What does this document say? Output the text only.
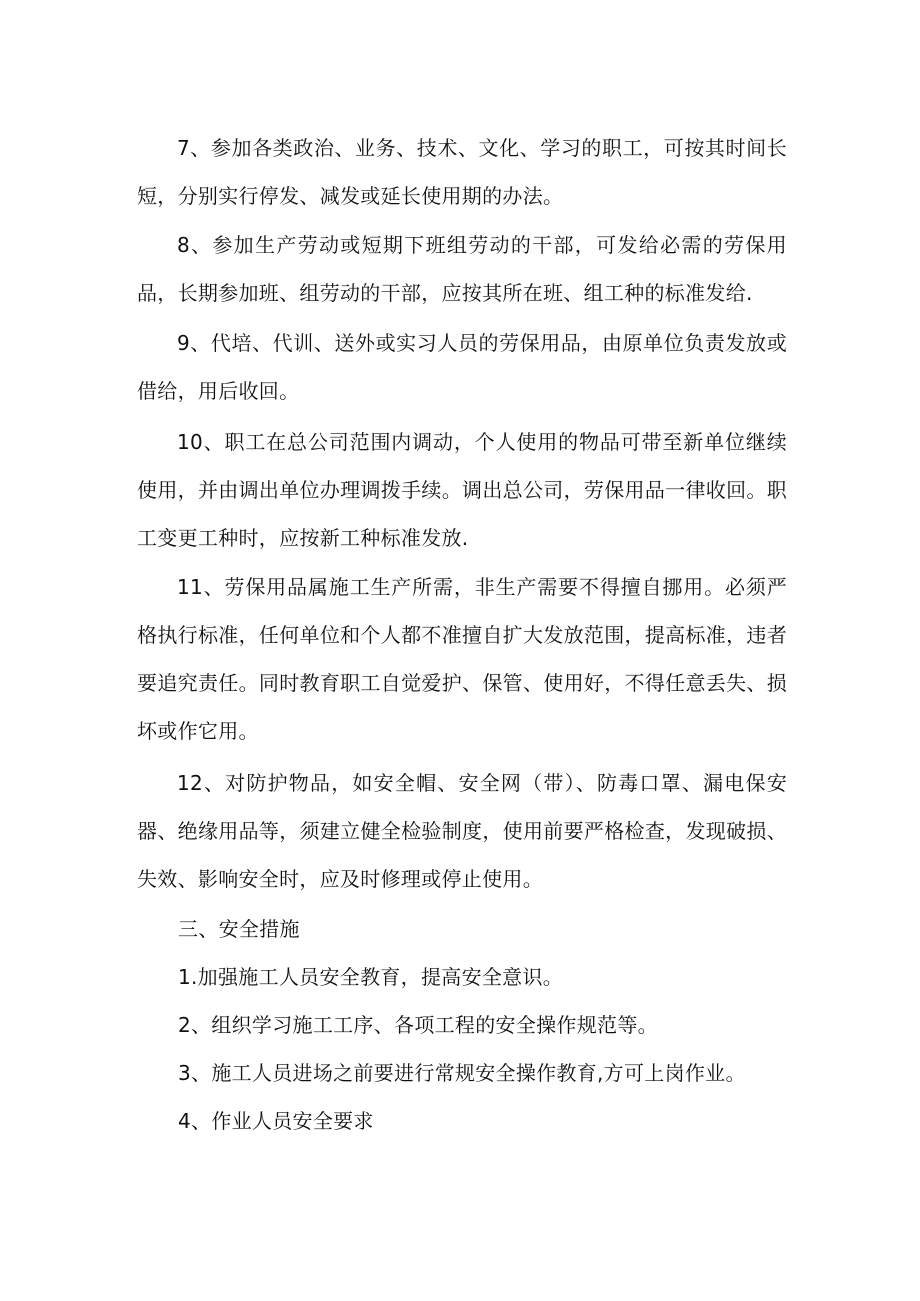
7、参加各类政治、业务、技术、文化、学习的职工，可按其时间长短，分别实行停发、减发或延长使用期的办法。

8、参加生产劳动或短期下班组劳动的干部，可发给必需的劳保用品，长期参加班、组劳动的干部，应按其所在班、组工种的标准发给.

9、代培、代训、送外或实习人员的劳保用品，由原单位负责发放或借给，用后收回。

10、职工在总公司范围内调动，个人使用的物品可带至新单位继续使用，并由调出单位办理调拨手续。调出总公司，劳保用品一律收回。职工变更工种时，应按新工种标准发放.

11、劳保用品属施工生产所需，非生产需要不得擅自挪用。必须严格执行标准，任何单位和个人都不准擅自扩大发放范围，提高标准，违者要追究责任。同时教育职工自觉爱护、保管、使用好，不得任意丢失、损坏或作它用。

12、对防护物品，如安全帽、安全网（带）、防毒口罩、漏电保安器、绝缘用品等，须建立健全检验制度，使用前要严格检查，发现破损、失效、影响安全时，应及时修理或停止使用。

三、安全措施

1.加强施工人员安全教育，提高安全意识。

2、组织学习施工工序、各项工程的安全操作规范等。

3、施工人员进场之前要进行常规安全操作教育,方可上岗作业。

4、作业人员安全要求
